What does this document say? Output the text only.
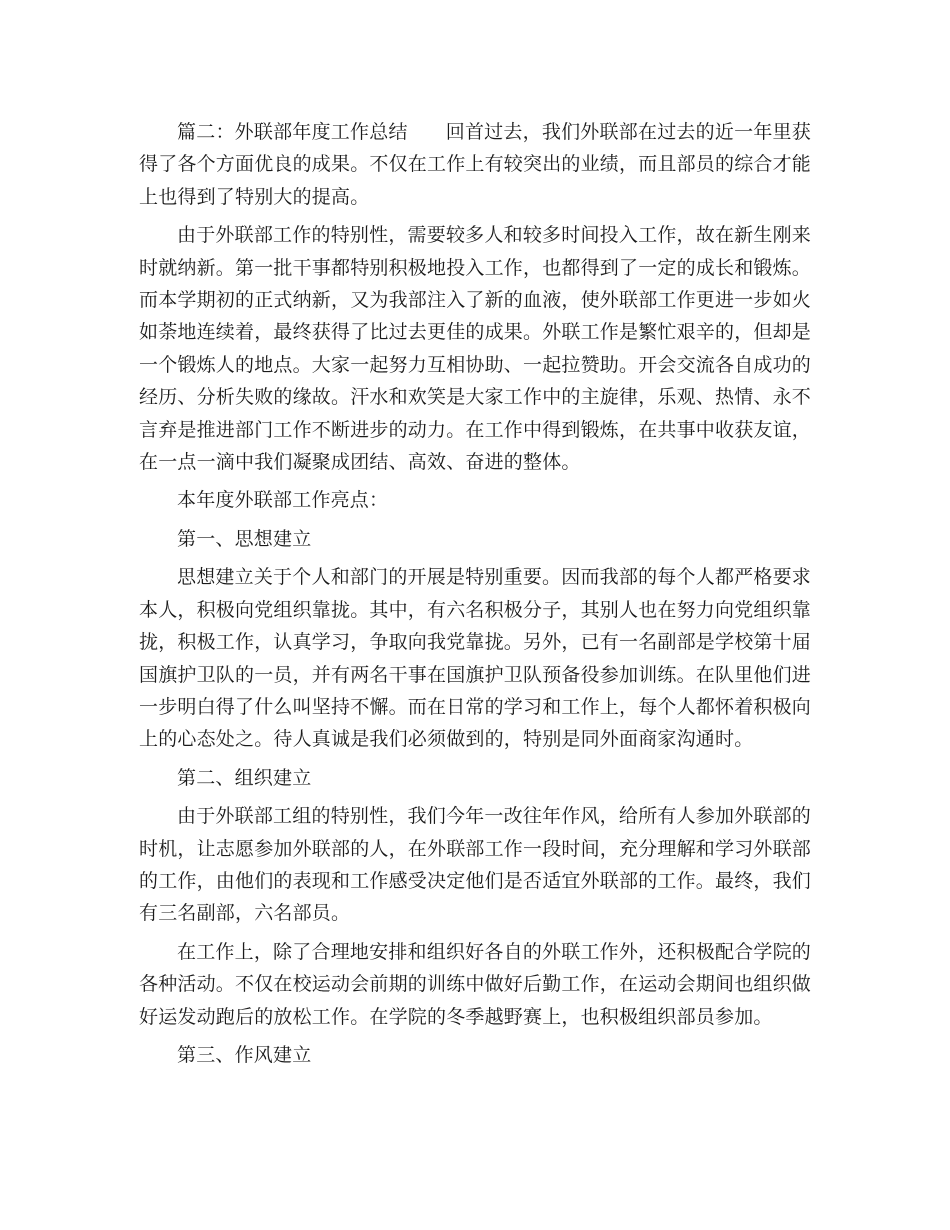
篇二：外联部年度工作总结 回首过去，我们外联部在过去的近一年里获得了各个方面优良的成果。不仅在工作上有较突出的业绩，而且部员的综合才能上也得到了特别大的提高。

由于外联部工作的特别性，需要较多人和较多时间投入工作，故在新生刚来时就纳新。第一批干事都特别积极地投入工作，也都得到了一定的成长和锻炼。而本学期初的正式纳新，又为我部注入了新的血液，使外联部工作更进一步如火如荼地连续着，最终获得了比过去更佳的成果。外联工作是繁忙艰辛的，但却是一个锻炼人的地点。大家一起努力互相协助、一起拉赞助。开会交流各自成功的经历、分析失败的缘故。汗水和欢笑是大家工作中的主旋律，乐观、热情、永不言弃是推进部门工作不断进步的动力。在工作中得到锻炼，在共事中收获友谊，在一点一滴中我们凝聚成团结、高效、奋进的整体。

本年度外联部工作亮点：

第一、思想建立

思想建立关于个人和部门的开展是特别重要。因而我部的每个人都严格要求本人，积极向党组织靠拢。其中，有六名积极分子，其别人也在努力向党组织靠拢，积极工作，认真学习，争取向我党靠拢。另外，已有一名副部是学校第十届国旗护卫队的一员，并有两名干事在国旗护卫队预备役参加训练。在队里他们进一步明白得了什么叫坚持不懈。而在日常的学习和工作上，每个人都怀着积极向上的心态处之。待人真诚是我们必须做到的，特别是同外面商家沟通时。

第二、组织建立

由于外联部工组的特别性，我们今年一改往年作风，给所有人参加外联部的时机，让志愿参加外联部的人，在外联部工作一段时间，充分理解和学习外联部的工作，由他们的表现和工作感受决定他们是否适宜外联部的工作。最终，我们有三名副部，六名部员。

在工作上，除了合理地安排和组织好各自的外联工作外，还积极配合学院的各种活动。不仅在校运动会前期的训练中做好后勤工作，在运动会期间也组织做好运发动跑后的放松工作。在学院的冬季越野赛上，也积极组织部员参加。

第三、作风建立
